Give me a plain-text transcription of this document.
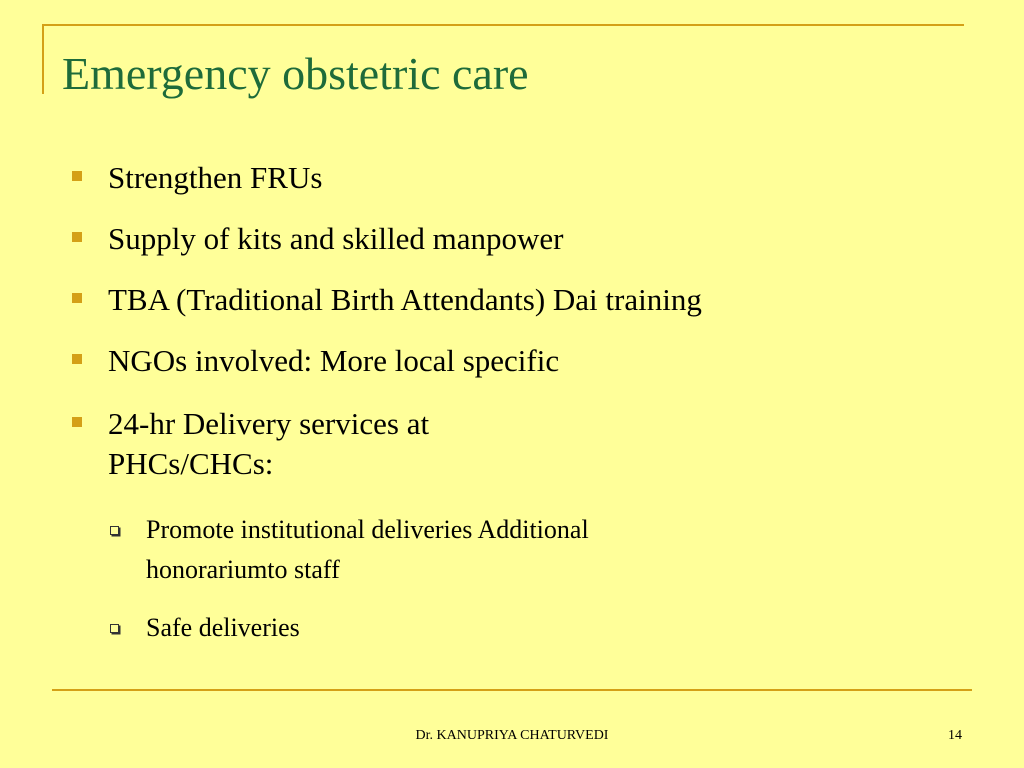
Emergency obstetric care
Strengthen FRUs
Supply of kits and skilled manpower
TBA (Traditional Birth Attendants) Dai training
NGOs involved: More local specific
24-hr Delivery services at
PHCs/CHCs:
Promote institutional deliveries Additional
honorariumto staff
Safe deliveries
Dr. KANUPRIYA CHATURVEDI	14
